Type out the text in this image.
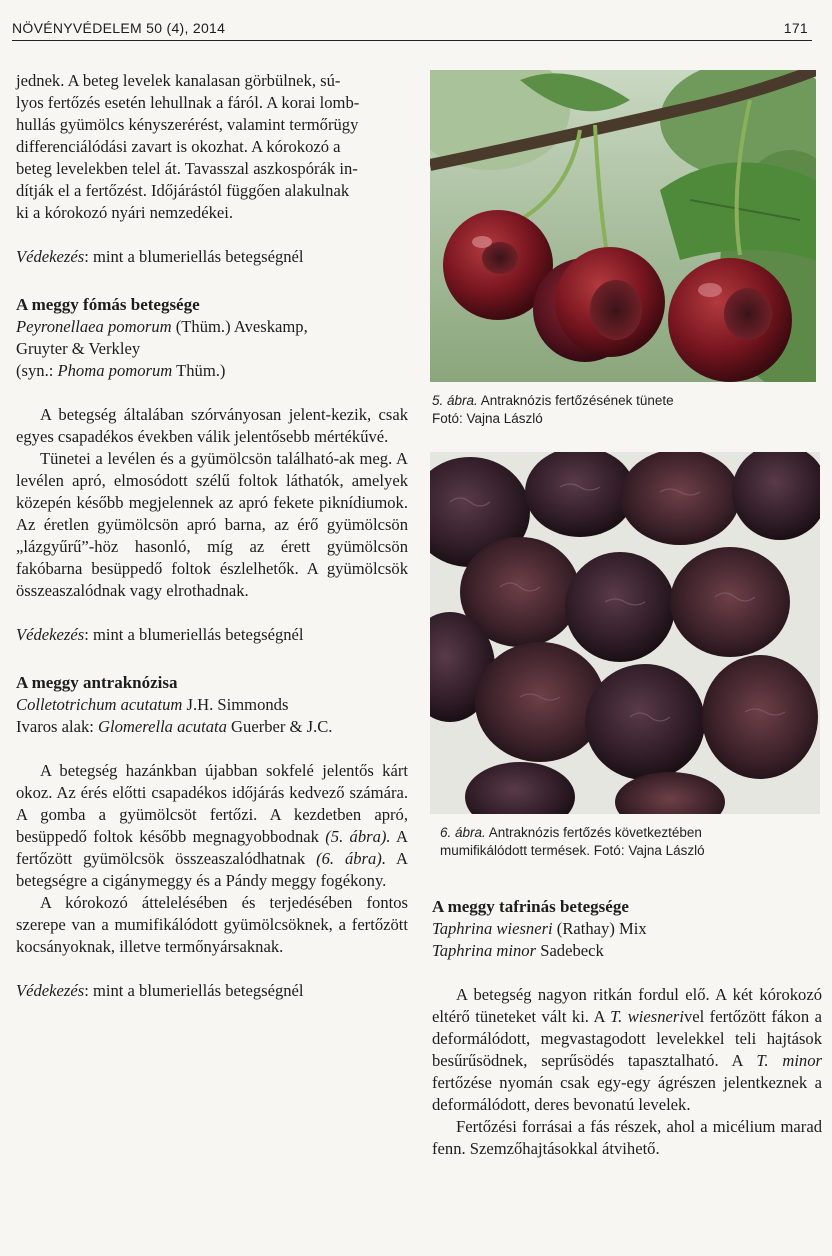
NÖVÉNYVÉDELEM 50 (4), 2014	171

jednek. A beteg levelek kanalasan görbülnek, sú-
lyos fertőzés esetén lehullnak a fáról. A korai lomb-
hullás gyümölcs kényszerérést, valamint termőrügy
differenciálódási zavart is okozhat. A kórokozó a
beteg levelekben telel át. Tavasszal aszkospórák in-
dítják el a fertőzést. Időjárástól függően alakulnak
ki a kórokozó nyári nemzedékei.

Védekezés: mint a blumeriellás betegségnél

A meggy fómás betegsége

Peyronellaea pomorum (Thüm.) Aveskamp,

Gruyter & Verkley

(syn.: Phoma pomorum Thüm.)

A betegség általában szórványosan jelent-kezik, csak egyes csapadékos években válik jelentősebb mértékűvé.

Tünetei a levélen és a gyümölcsön található-ak meg. A levélen apró, elmosódott szélű foltok láthatók, amelyek közepén később megjelennek az apró fekete piknídiumok. Az éretlen gyümölcsön apró barna, az érő gyümölcsön „lázgyűrű”-höz hasonló, míg az érett gyümölcsön fakóbarna besüppedő foltok észlelhetők. A gyümölcsök összeaszalódnak vagy elrothadnak.

Védekezés: mint a blumeriellás betegségnél

A meggy antraknózisa

Colletotrichum acutatum J.H. Simmonds

Ivaros alak: Glomerella acutata Guerber & J.C.

A betegség hazánkban újabban sokfelé jelentős kárt okoz. Az érés előtti csapadékos időjárás kedvező számára. A gomba a gyümölcsöt fertőzi. A kezdetben apró, besüppedő foltok később megnagyobbodnak (5. ábra). A fertőzött gyümölcsök összeaszalódhatnak (6. ábra). A betegségre a cigánymeggy és a Pándy meggy fogékony.

A kórokozó áttelelésében és terjedésében fontos szerepe van a mumifikálódott gyümölcsöknek, a fertőzött kocsányoknak, illetve termőnyársaknak.

Védekezés: mint a blumeriellás betegségnél

5. ábra. Antraknózis fertőzésének tünete
Fotó: Vajna László
6. ábra. Antraknózis fertőzés következtében
mumifikálódott termések. Fotó: Vajna László
A meggy tafrinás betegsége

Taphrina wiesneri (Rathay) Mix

Taphrina minor Sadebeck

A betegség nagyon ritkán fordul elő. A két kórokozó eltérő tüneteket vált ki. A T. wiesnerivel fertőzött fákon a deformálódott, megvastagodott levelekkel teli hajtások besűrűsödnek, seprűsödés tapasztalható. A T. minor fertőzése nyomán csak egy-egy ágrészen jelentkeznek a deformálódott, deres bevonatú levelek.

Fertőzési forrásai a fás részek, ahol a micélium marad fenn. Szemzőhajtásokkal átvihető.
